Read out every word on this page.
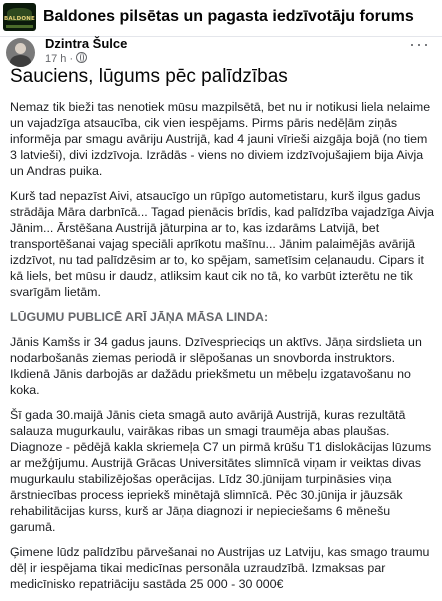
BALDONE Baldones pilsētas un pagasta iedzīvotāju forums
Dzintra Šulce
17 h ·
···
Sauciens, lūgums pēc palīdzības

Nemaz tik bieži tas nenotiek mūsu mazpilsētā, bet nu ir notikusi liela nelaime un vajadzīga atsaucība, cik vien iespējams. Pirms pāris nedēļām ziņās informēja par smagu avāriju Austrijā, kad 4 jauni vīrieši aizgāja bojā (no tiem 3 latvieši), divi izdzīvoja. Izrādās - viens no diviem izdzīvojušajiem bija Aivja un Andras puika.

Kurš tad nepazīst Aivi, atsaucīgo un rūpīgo autometistaru, kurš ilgus gadus strādāja Māra darbnīcā... Tagad pienācis brīdis, kad palīdzība vajadzīga Aivja Jānim... Ārstēšana Austrijā jāturpina ar to, kas izdarāms Latvijā, bet transportēšanai vajag speciāli aprīkotu mašīnu... Jānim palaimējās avārijā izdzīvot, nu tad palīdzēsim ar to, ko spējam, sametīsim ceļanaudu. Cipars it kā liels, bet mūsu ir daudz, atliksim kaut cik no tā, ko varbūt izterētu ne tik svarīgām lietām.

LŪGUMU PUBLICĒ ARĪ JĀŅA MĀSA LINDA:

Jānis Kamšs ir 34 gadus jauns. Dzīvesprieciqs un aktīvs. Jāņa sirdslieta un nodarbošanās ziemas periodā ir slēpošanas un snovborda instruktors. Ikdienā Jānis darbojās ar dažādu priekšmetu un mēbeļu izgatavošanu no koka.

Šī gada 30.maijā Jānis cieta smagā auto avārijā Austrijā, kuras rezultātā salauza mugurkaulu, vairākas ribas un smagi traumēja abas plaušas. Diagnoze - pēdējā kakla skriemeļa C7 un pirmā krūšu T1 dislokācijas lūzums ar mežģījumu. Austrijā Grācas Universitātes slimnīcā viņam ir veiktas divas mugurkaulu stabilizējošas operācijas. Līdz 30.jūnijam turpināsies viņa ārstniecības process iepriekš minētajā slimnīcā. Pēc 30.jūnija ir jāuzsāk rehabilitācijas kurss, kurš ar Jāņa diagnozi ir nepieciešams 6 mēnešu garumā.

Ģimene lūdz palīdzību pārvešanai no Austrijas uz Latviju, kas smago traumu dēļ ir iespējama tikai medicīnas personāla uzraudzībā. Izmaksas par medicīnisko repatriāciju sastāda 25 000 - 30 000€
